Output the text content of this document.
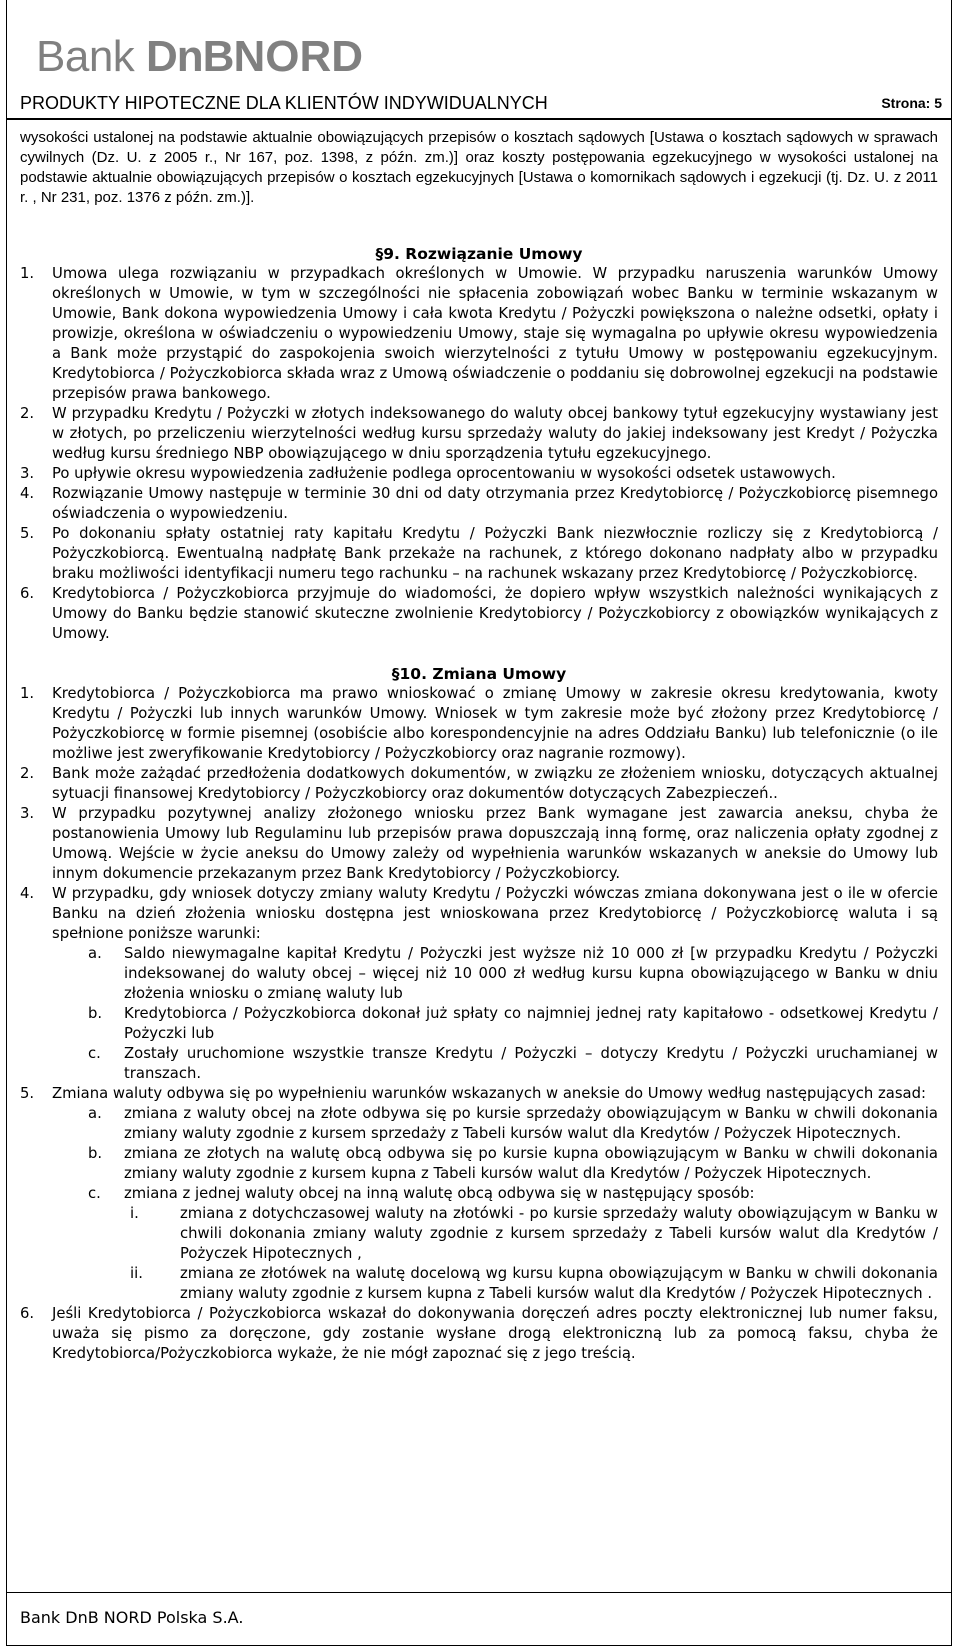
Bank DnBNORD
PRODUKTY HIPOTECZNE DLA KLIENTÓW INDYWIDUALNYCH	Strona: 5

wysokości ustalonej na podstawie aktualnie obowiązujących przepisów o kosztach sądowych [Ustawa o kosztach sądowych w sprawach cywilnych (Dz. U. z 2005 r., Nr 167, poz. 1398, z późn. zm.)] oraz koszty postępowania egzekucyjnego w wysokości ustalonej na podstawie aktualnie obowiązujących przepisów o kosztach egzekucyjnych [Ustawa o komornikach sądowych i egzekucji (tj. Dz. U. z 2011 r. , Nr 231, poz. 1376 z późn. zm.)].

§9. Rozwiązanie Umowy
1.	Umowa ulega rozwiązaniu w przypadkach określonych w Umowie. W przypadku naruszenia warunków Umowy określonych w Umowie, w tym w szczególności nie spłacenia zobowiązań wobec Banku w terminie wskazanym w Umowie, Bank dokona wypowiedzenia Umowy i cała kwota Kredytu / Pożyczki powiększona o należne odsetki, opłaty i prowizje, określona w oświadczeniu o wypowiedzeniu Umowy, staje się wymagalna po upływie okresu wypowiedzenia a Bank może przystąpić do zaspokojenia swoich wierzytelności z tytułu Umowy w postępowaniu egzekucyjnym. Kredytobiorca / Pożyczkobiorca składa wraz z Umową oświadczenie o poddaniu się dobrowolnej egzekucji na podstawie przepisów prawa bankowego.
2.	W przypadku Kredytu / Pożyczki w złotych indeksowanego do waluty obcej bankowy tytuł egzekucyjny wystawiany jest w złotych, po przeliczeniu wierzytelności według kursu sprzedaży waluty do jakiej indeksowany jest Kredyt / Pożyczka według kursu średniego NBP obowiązującego w dniu sporządzenia tytułu egzekucyjnego.
3.	Po upływie okresu wypowiedzenia zadłużenie podlega oprocentowaniu w wysokości odsetek ustawowych.
4.	Rozwiązanie Umowy następuje w terminie 30 dni od daty otrzymania przez Kredytobiorcę / Pożyczkobiorcę pisemnego oświadczenia o wypowiedzeniu.
5.	Po dokonaniu spłaty ostatniej raty kapitału Kredytu / Pożyczki Bank niezwłocznie rozliczy się z Kredytobiorcą / Pożyczkobiorcą. Ewentualną nadpłatę Bank przekaże na rachunek, z którego dokonano nadpłaty albo w przypadku braku możliwości identyfikacji numeru tego rachunku – na rachunek wskazany przez Kredytobiorcę / Pożyczkobiorcę.
6.	Kredytobiorca / Pożyczkobiorca przyjmuje do wiadomości, że dopiero wpływ wszystkich należności wynikających z Umowy do Banku będzie stanowić skuteczne zwolnienie Kredytobiorcy / Pożyczkobiorcy z obowiązków wynikających z Umowy.
§10. Zmiana Umowy
1.	Kredytobiorca / Pożyczkobiorca ma prawo wnioskować o zmianę Umowy w zakresie okresu kredytowania, kwoty Kredytu / Pożyczki lub innych warunków Umowy. Wniosek w tym zakresie może być złożony przez Kredytobiorcę / Pożyczkobiorcę w formie pisemnej (osobiście albo korespondencyjnie na adres Oddziału Banku) lub telefonicznie (o ile możliwe jest zweryfikowanie Kredytobiorcy / Pożyczkobiorcy oraz nagranie rozmowy).
2.	Bank może zażądać przedłożenia dodatkowych dokumentów, w związku ze złożeniem wniosku, dotyczących aktualnej sytuacji finansowej Kredytobiorcy / Pożyczkobiorcy oraz dokumentów dotyczących Zabezpieczeń..
3.	W przypadku pozytywnej analizy złożonego wniosku przez Bank wymagane jest zawarcia aneksu, chyba że postanowienia Umowy lub Regulaminu lub przepisów prawa dopuszczają inną formę, oraz naliczenia opłaty zgodnej z Umową. Wejście w życie aneksu do Umowy zależy od wypełnienia warunków wskazanych w aneksie do Umowy lub innym dokumencie przekazanym przez Bank Kredytobiorcy / Pożyczkobiorcy.
4.	W przypadku, gdy wniosek dotyczy zmiany waluty Kredytu / Pożyczki wówczas zmiana dokonywana jest o ile w ofercie Banku na dzień złożenia wniosku dostępna jest wnioskowana przez Kredytobiorcę / Pożyczkobiorcę waluta i są spełnione poniższe warunki:
a.	Saldo niewymagalne kapitał Kredytu / Pożyczki jest wyższe niż 10 000 zł [w przypadku Kredytu / Pożyczki indeksowanej do waluty obcej – więcej niż 10 000 zł według kursu kupna obowiązującego w Banku w dniu złożenia wniosku o zmianę waluty lub
b.	Kredytobiorca / Pożyczkobiorca dokonał już spłaty co najmniej jednej raty kapitałowo - odsetkowej Kredytu / Pożyczki lub
c.	Zostały uruchomione wszystkie transze Kredytu / Pożyczki – dotyczy Kredytu / Pożyczki uruchamianej w transzach.
5.	Zmiana waluty odbywa się po wypełnieniu warunków wskazanych w aneksie do Umowy według następujących zasad:
a.	zmiana z waluty obcej na złote odbywa się po kursie sprzedaży obowiązującym w Banku w chwili dokonania zmiany waluty zgodnie z kursem sprzedaży z Tabeli kursów walut dla Kredytów / Pożyczek Hipotecznych.
b.	zmiana ze złotych na walutę obcą odbywa się po kursie kupna obowiązującym w Banku w chwili dokonania zmiany waluty zgodnie z kursem kupna z Tabeli kursów walut dla Kredytów / Pożyczek Hipotecznych.
c.	zmiana z jednej waluty obcej na inną walutę obcą odbywa się w następujący sposób:
i.	zmiana z dotychczasowej waluty na złotówki - po kursie sprzedaży waluty obowiązującym w Banku w chwili dokonania zmiany waluty zgodnie z kursem sprzedaży z Tabeli kursów walut dla Kredytów / Pożyczek Hipotecznych ,
ii.	zmiana ze złotówek na walutę docelową wg kursu kupna obowiązującym w Banku w chwili dokonania zmiany waluty zgodnie z kursem kupna z Tabeli kursów walut dla Kredytów / Pożyczek Hipotecznych .
6.	Jeśli Kredytobiorca / Pożyczkobiorca wskazał do dokonywania doręczeń adres poczty elektronicznej lub numer faksu, uważa się pismo za doręczone, gdy zostanie wysłane drogą elektroniczną lub za pomocą faksu, chyba że Kredytobiorca/Pożyczkobiorca wykaże, że nie mógł zapoznać się z jego treścią.
Bank DnB NORD Polska S.A.
